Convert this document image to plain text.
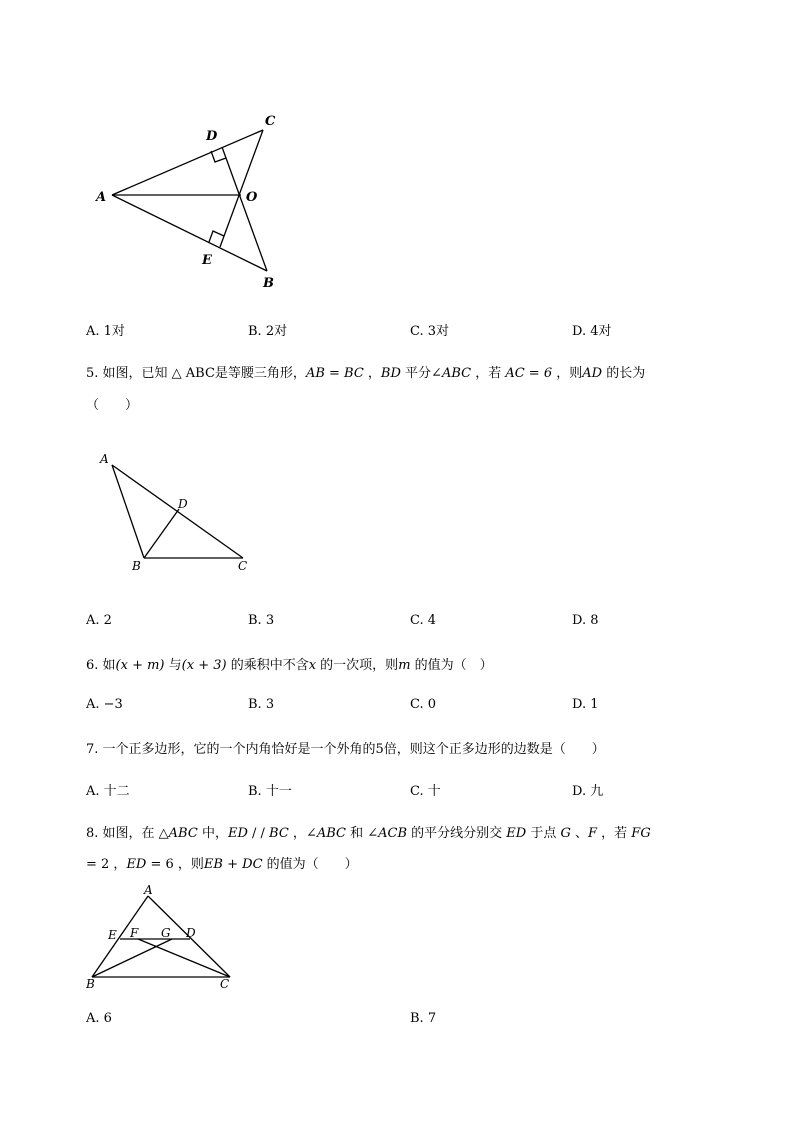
A
C
D
O
E
B
A. 1对	B. 2对	C. 3对	D. 4对
5. 如图，已知 △ ABC是等腰三角形，AB = BC ，BD 平分∠ABC ，若 AC = 6 ，则AD 的长为
（　　）
A
D
B	C
A. 2	B. 3	C. 4	D. 8
6. 如(x + m) 与(x + 3) 的乘积中不含x 的一次项，则m 的值为（　）
A. −3	B. 3	C. 0	D. 1
7. 一个正多边形，它的一个内角恰好是一个外角的5倍，则这个正多边形的边数是（　　）
A. 十二	B. 十一	C. 十	D. 九
8. 如图，在 △ABC 中，ED / / BC ，∠ABC 和 ∠ACB 的平分线分别交 ED 于点 G 、F ，若 FG
= 2 ，ED = 6 ，则EB + DC 的值为（　　）
A
E F G D
B	C
A. 6	B. 7
